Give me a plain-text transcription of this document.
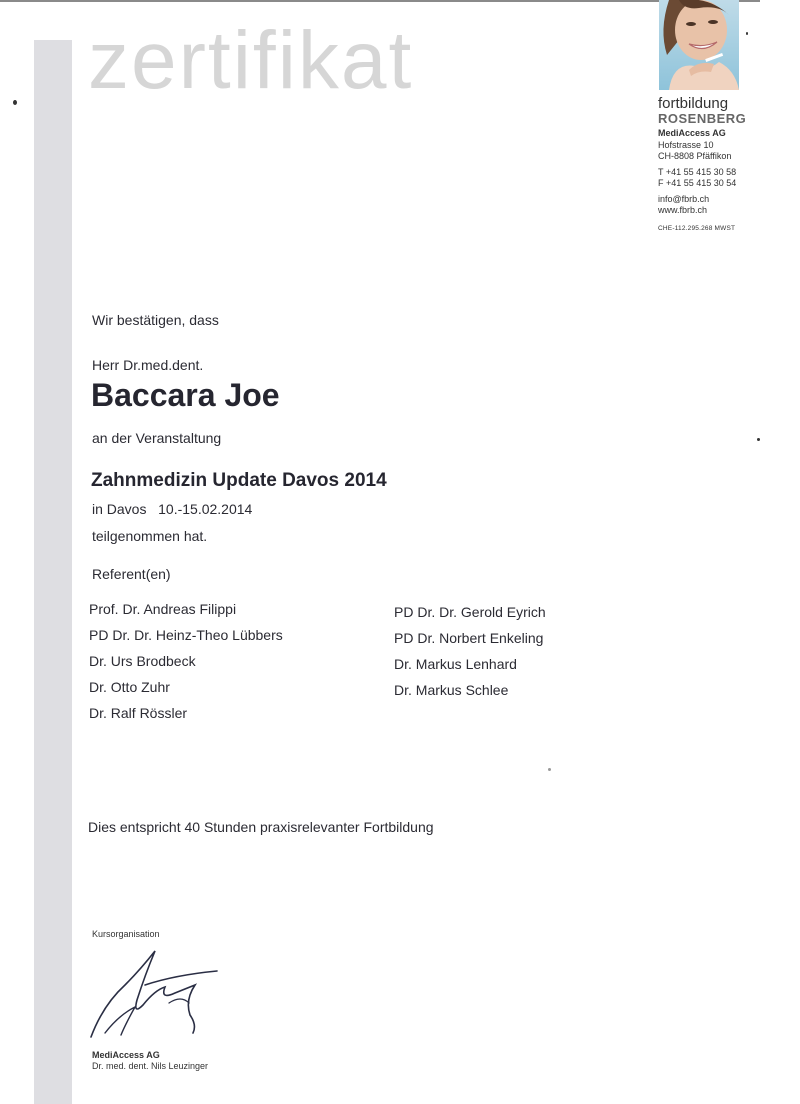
zertifikat	fortbildung
ROSENBERG
MediAccess AG
Hofstrasse 10
CH-8808 Pfäffikon
T +41 55 415 30 58
F +41 55 415 30 54
info@fbrb.ch
www.fbrb.ch
CHE-112.295.268 MWST
Wir bestätigen, dass
Herr Dr.med.dent.
Baccara Joe
an der Veranstaltung
Zahnmedizin Update Davos 2014
in Davos   10.-15.02.2014
teilgenommen hat.
Referent(en)
Prof. Dr. Andreas Filippi
PD Dr. Dr. Heinz-Theo Lübbers
Dr. Urs Brodbeck
Dr. Otto Zuhr
Dr. Ralf Rössler
PD Dr. Dr. Gerold Eyrich
PD Dr. Norbert Enkeling
Dr. Markus Lenhard
Dr. Markus Schlee
Dies entspricht 40 Stunden praxisrelevanter Fortbildung
Kursorganisation
MediAccess AG
Dr. med. dent. Nils Leuzinger
